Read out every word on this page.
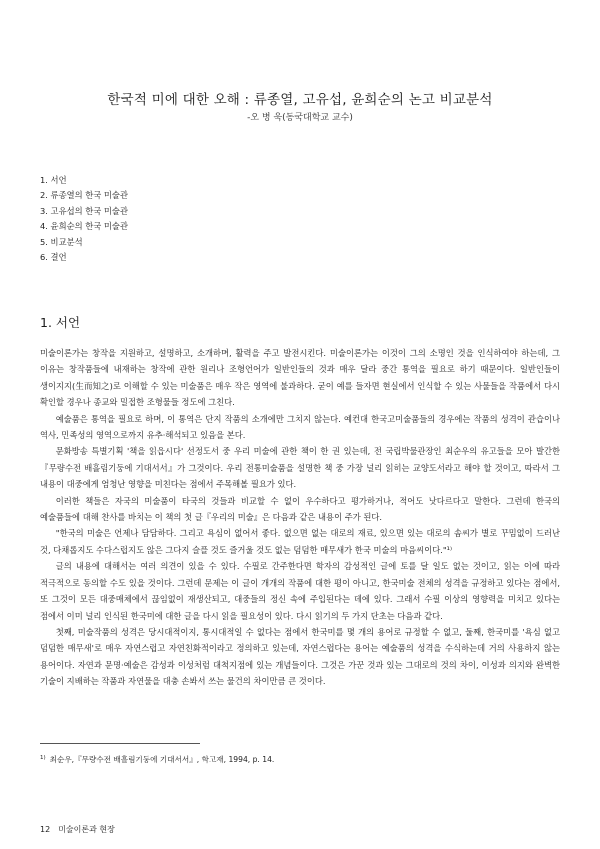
한국적 미에 대한 오해 : 류종열, 고유섭, 윤희순의 논고 비교분석
-오 병 욱(동국대학교 교수)
1. 서언
2. 류종열의 한국 미술관
3. 고유섭의 한국 미술관
4. 윤희순의 한국 미술관
5. 비교분석
6. 결언
1. 서언

미술이론가는 창작을 지원하고, 설명하고, 소개하며, 활력을 주고 발전시킨다. 미술이론가는 이것이 그의 소명인 것을 인식하여야 하는데, 그 이유는 창작품들에 내재하는 창작에 관한 원리나 조형언어가 일반인들의 것과 매우 달라 중간 통역을 필요로 하기 때문이다. 일반인들이 생이지지(生而知之)로 이해할 수 있는 미술품은 매우 작은 영역에 불과하다. 굳이 예를 들자면 현실에서 인식할 수 있는 사물들을 작품에서 다시 확인할 경우나 종교와 밀접한 조형물들 정도에 그친다.

예술품은 통역을 필요로 하며, 이 통역은 단지 작품의 소개에만 그치지 않는다. 예컨대 한국고미술품들의 경우에는 작품의 성격이 관습이나 역사, 민족성의 영역으로까지 유추·해석되고 있음을 본다.

문화방송 특별기획 '책을 읽읍시다' 선정도서 중 우리 미술에 관한 책이 한 권 있는데, 전 국립박물관장인 최순우의 유고들을 모아 발간한『무량수전 배흘림기둥에 기대서서』가 그것이다. 우리 전통미술품을 설명한 책 중 가장 널리 읽히는 교양도서라고 해야 할 것이고, 따라서 그 내용이 대중에게 엄청난 영향을 미친다는 점에서 주목해볼 필요가 있다.

이러한 책들은 자국의 미술품이 타국의 것들과 비교할 수 없이 우수하다고 평가하거나, 적어도 낫다르다고 말한다. 그런데 한국의 예술품들에 대해 찬사를 바치는 이 책의 첫 글『우리의 미술』은 다음과 같은 내용이 주가 된다.

"한국의 미술은 언제나 담담하다. 그리고 욕심이 없어서 좋다. 없으면 없는 대로의 재료, 있으면 있는 대로의 솜씨가 별로 꾸밈없이 드러난 것, 다채롭지도 수다스럽지도 않은 그다지 슬플 것도 즐거울 것도 없는 덤덤한 매무새가 한국 미술의 마음씨이다."¹⁾

글의 내용에 대해서는 여러 의견이 있을 수 있다. 수필로 간주한다면 학자의 감성적인 글에 토를 달 일도 없는 것이고, 읽는 이에 따라 적극적으로 동의할 수도 있을 것이다. 그런데 문제는 이 글이 개개의 작품에 대한 평이 아니고, 한국미술 전체의 성격을 규정하고 있다는 점에서, 또 그것이 모든 대중매체에서 끊임없이 재생산되고, 대중들의 정신 속에 주입된다는 데에 있다. 그래서 수필 이상의 영향력을 미치고 있다는 점에서 이미 널리 인식된 한국미에 대한 글을 다시 읽을 필요성이 있다. 다시 읽기의 두 가지 단초는 다음과 같다.

첫째, 미술작품의 성격은 당시대적이지, 통시대적일 수 없다는 점에서 한국미를 몇 개의 용어로 규정할 수 없고, 둘째, 한국미를 '욕심 없고 덤덤한 매무새'로 매우 자연스럽고 자연친화적이라고 정의하고 있는데, 자연스럽다는 용어는 예술품의 성격을 수식하는데 거의 사용하지 않는 용어이다. 자연과 문명·예술은 감성과 이성처럼 대척지점에 있는 개념들이다. 그것은 가꾼 것과 있는 그대로의 것의 차이, 이성과 의지와 완벽한 기술이 지배하는 작품과 자연물을 대충 손봐서 쓰는 물건의 차이만큼 큰 것이다.

$^{1)}$ 최순우,『무량수전 배흘림기둥에 기대서서』, 학고재, 1994, p. 14.
12 미술이론과 현장
